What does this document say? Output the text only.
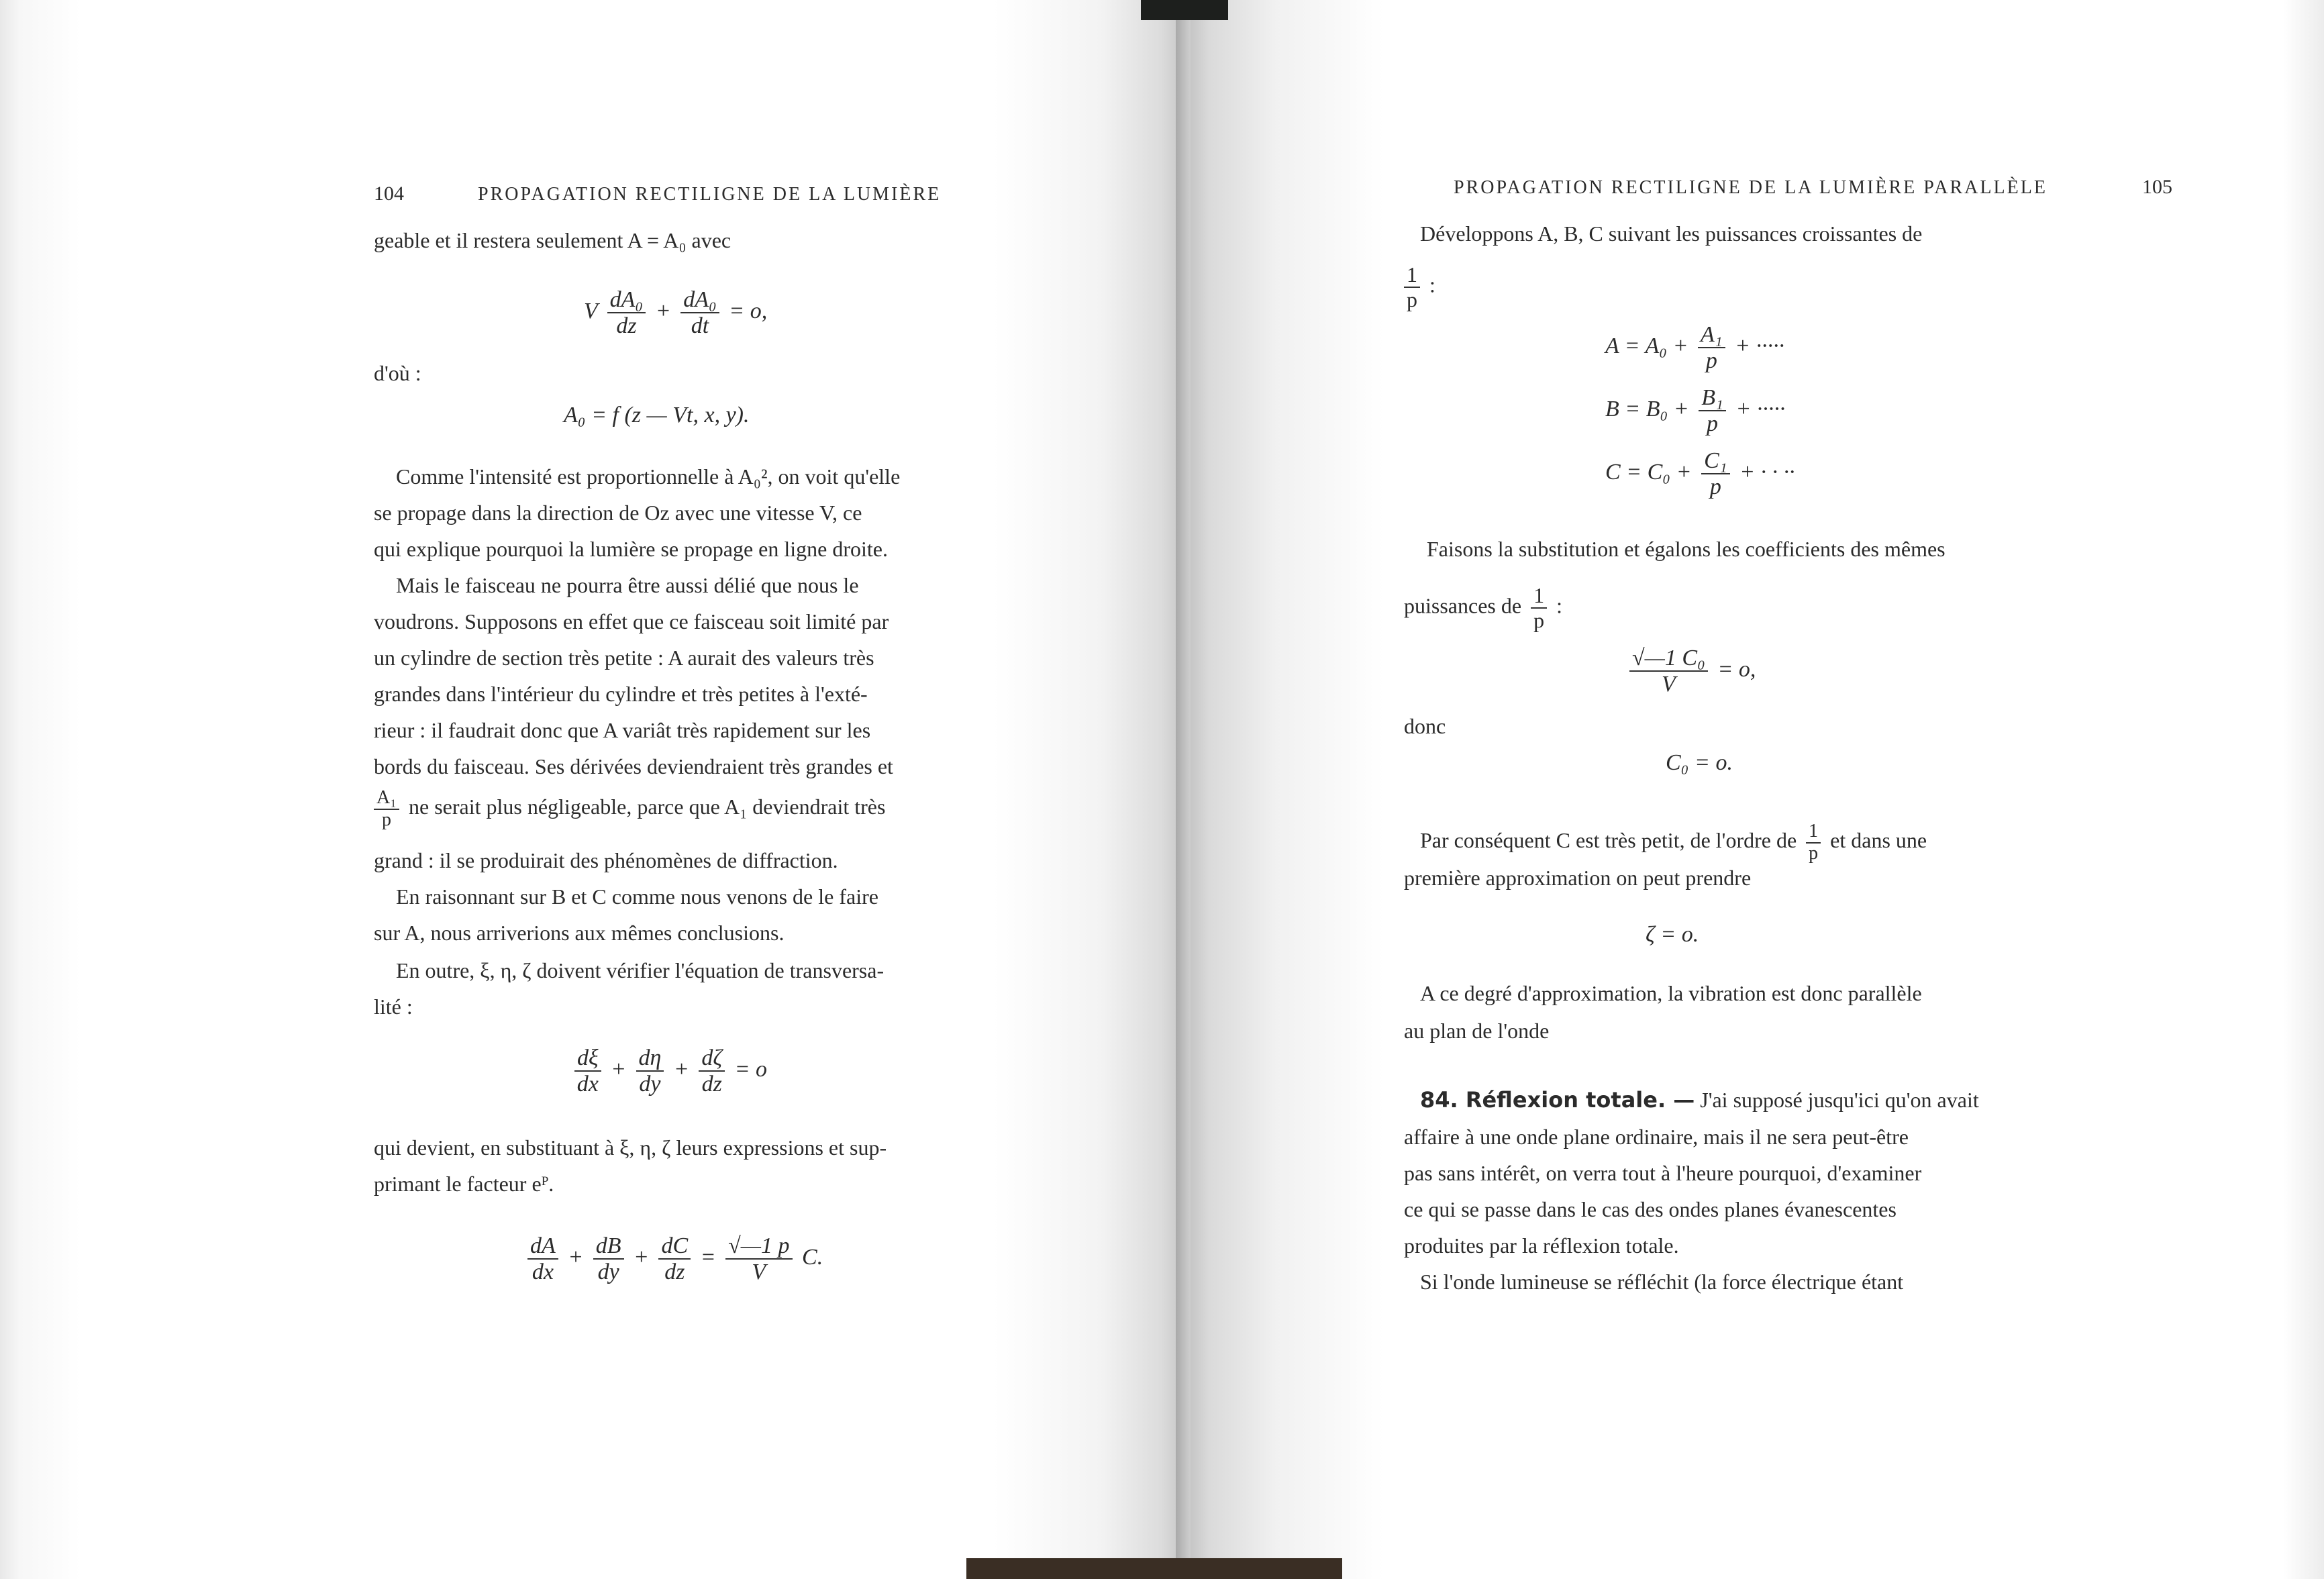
104	PROPAGATION RECTILIGNE DE LA LUMIÈRE
geable et il restera seulement A = A₀ avec
V $\frac{\text{dA₀}}{dz} + \frac{\text{dA₀}}{dt} = o$,
d'où :
A₀ = f (z — Vt, x, y).
Comme l'intensité est proportionnelle à A₀², on voit qu'elle
se propage dans la direction de Oz avec une vitesse V, ce
qui explique pourquoi la lumière se propage en ligne droite.
Mais le faisceau ne pourra être aussi délié que nous le
voudrons. Supposons en effet que ce faisceau soit limité par
un cylindre de section très petite : A aurait des valeurs très
grandes dans l'intérieur du cylindre et très petites à l'exté-
rieur : il faudrait donc que A variât très rapidement sur les
bords du faisceau. Ses dérivées deviendraient très grandes et
$\frac{\text{A₁}}{p}$ ne serait plus négligeable, parce que A₁ deviendrait très
grand : il se produirait des phénomènes de diffraction.
En raisonnant sur B et C comme nous venons de le faire
sur A, nous arriverions aux mêmes conclusions.
En outre, ξ, η, ζ doivent vérifier l'équation de transversa-
lité :
$\frac{d\xi}{dx} + \frac{d\eta}{dy} + \frac{d\zeta}{dz} = o$
qui devient, en substituant à ξ, η, ζ leurs expressions et sup-
primant le facteur eᴾ.
$\frac{dA}{dx} + \frac{dB}{dy} + \frac{dC}{dz} = \frac{√—1 p}{V} C$.
PROPAGATION RECTILIGNE DE LA LUMIÈRE PARALLÈLE	105
Développons A, B, C suivant les puissances croissantes de
$\frac{1}{p}$ :
$A = A_0 + \frac{\text{A₁}}{p}$ + ·····
$B = B_0 + \frac{\text{B₁}}{p}$ + ·····
$C = C_0 + \frac{\text{C₁}}{p}$ + · · ··
Faisons la substitution et égalons les coefficients des mêmes
puissances de $\frac{1}{p}$ :
$\frac{\text{√—1 C₀}}{V} = o$,
donc
C₀ = o.
Par conséquent C est très petit, de l'ordre de $\frac{1}{p}$ et dans une
première approximation on peut prendre
ζ = o.
A ce degré d'approximation, la vibration est donc parallèle
au plan de l'onde
84. Réflexion totale. — J'ai supposé jusqu'ici qu'on avait
affaire à une onde plane ordinaire, mais il ne sera peut-être
pas sans intérêt, on verra tout à l'heure pourquoi, d'examiner
ce qui se passe dans le cas des ondes planes évanescentes
produites par la réflexion totale.
Si l'onde lumineuse se réfléchit (la force électrique étant
